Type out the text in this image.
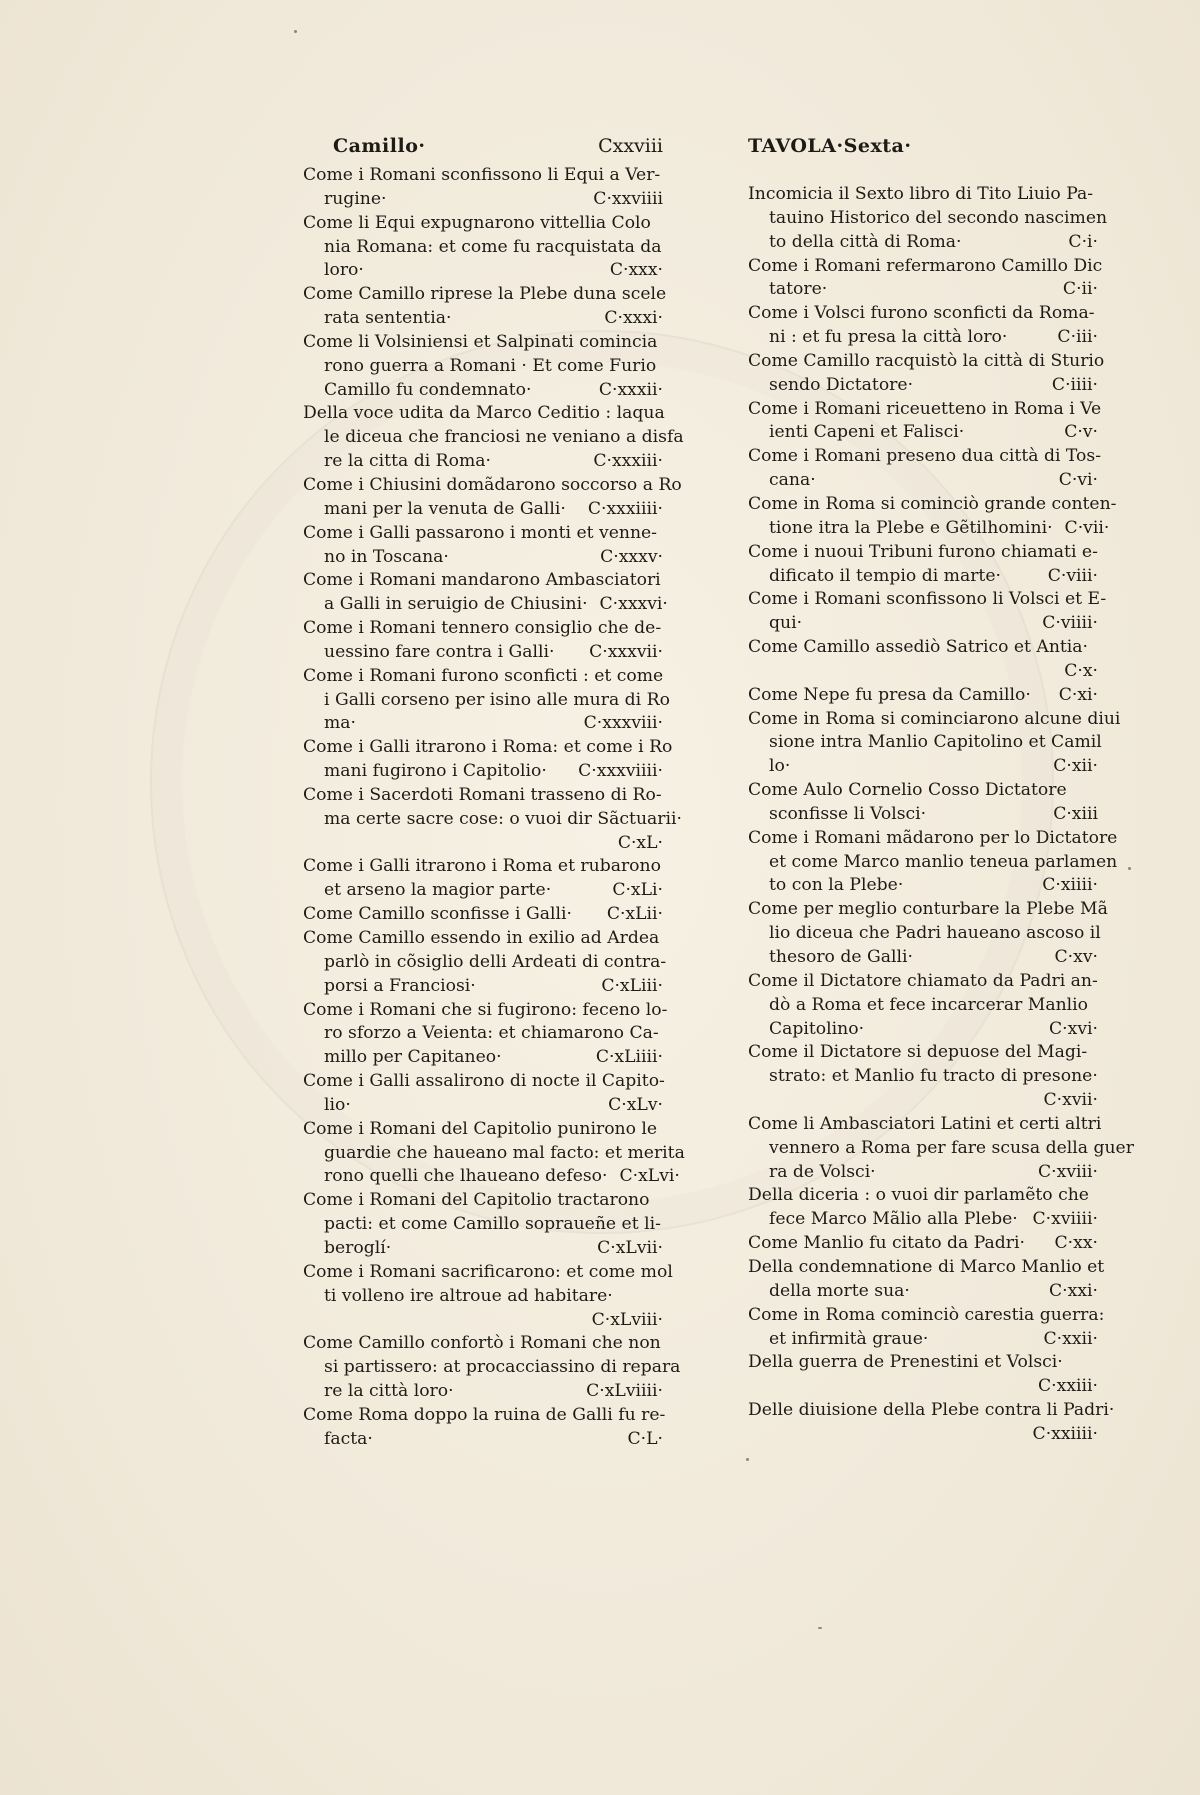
Camillo·	Cxxviii
Come i Romani sconfissono li Equi a Ver-
rugine·	C·xxviiii
Come li Equi expugnarono vittellia Colo
nia Romana: et come fu racquistata da
loro·	C·xxx·
Come Camillo riprese la Plebe duna scele
rata sententia·	C·xxxi·
Come li Volsiniensi et Salpinati comincia
rono guerra a Romani · Et come Furio
Camillo fu condemnato·	C·xxxii·
Della voce udita da Marco Ceditio : laqua
le diceua che franciosi ne veniano a disfa
re la citta di Roma·	C·xxxiii·
Come i Chiusini domãdarono soccorso a Ro
mani per la venuta de Galli· C·xxxiiii·
Come i Galli passarono i monti et venne-
no in Toscana·	C·xxxv·
Come i Romani mandarono Ambasciatori
a Galli in seruigio de Chiusini· C·xxxvi·
Come i Romani tennero consiglio che de-
uessino fare contra i Galli· C·xxxvii·
Come i Romani furono sconficti : et come
i Galli corseno per isino alle mura di Ro
ma·	C·xxxviii·
Come i Galli itrarono i Roma: et come i Ro
mani fugirono i Capitolio· C·xxxviiii·
Come i Sacerdoti Romani trasseno di Ro-
ma certe sacre cose: o vuoi dir Sãctuarii·
C·xL·
Come i Galli itrarono i Roma et rubarono
et arseno la magior parte·	C·xLi·
Come Camillo sconfisse i Galli· C·xLii·
Come Camillo essendo in exilio ad Ardea
parlò in cõsiglio delli Ardeati di contra-
porsi a Franciosi·	C·xLiii·
Come i Romani che si fugirono: feceno lo-
ro sforzo a Veienta: et chiamarono Ca-
millo per Capitaneo·	C·xLiiii·
Come i Galli assalirono di nocte il Capito-
lio·	C·xLv·
Come i Romani del Capitolio punirono le
guardie che haueano mal facto: et merita
rono quelli che lhaueano defeso· C·xLvi·
Come i Romani del Capitolio tractarono
pacti: et come Camillo sopraueñe et li-
beroglí·	C·xLvii·
Come i Romani sacrificarono: et come mol
ti volleno ire altroue ad habitare·
C·xLviii·
Come Camillo confortò i Romani che non
si partissero: at procacciassino di repara
re la città loro·	C·xLviiii·
Come Roma doppo la ruina de Galli fu re-
facta·	C·L·
TAVOLA·Sexta·
Incomicia il Sexto libro di Tito Liuio Pa-
tauino Historico del secondo nascimen
to della città di Roma·	C·i·
Come i Romani refermarono Camillo Dic
tatore·	C·ii·
Come i Volsci furono sconficti da Roma-
ni : et fu presa la città loro·	C·iii·
Come Camillo racquistò la città di Sturio
sendo Dictatore·	C·iiii·
Come i Romani riceuetteno in Roma i Ve
ienti Capeni et Falisci·	C·v·
Come i Romani preseno dua città di Tos-
cana·	C·vi·
Come in Roma si cominciò grande conten-
tione itra la Plebe e Gẽtilhomini· C·vii·
Come i nuoui Tribuni furono chiamati e-
dificato il tempio di marte·	C·viii·
Come i Romani sconfissono li Volsci et E-
qui·	C·viiii·
Come Camillo assediò Satrico et Antia·
C·x·
Come Nepe fu presa da Camillo· C·xi·
Come in Roma si cominciarono alcune diui
sione intra Manlio Capitolino et Camil
lo·	C·xii·
Come Aulo Cornelio Cosso Dictatore
sconfisse li Volsci·	C·xiii
Come i Romani mãdarono per lo Dictatore
et come Marco manlio teneua parlamen
to con la Plebe·	C·xiiii·
Come per meglio conturbare la Plebe Mã
lio diceua che Padri haueano ascoso il
thesoro de Galli·	C·xv·
Come il Dictatore chiamato da Padri an-
dò a Roma et fece incarcerar Manlio
Capitolino·	C·xvi·
Come il Dictatore si depuose del Magi-
strato: et Manlio fu tracto di presone·
C·xvii·
Come li Ambasciatori Latini et certi altri
vennero a Roma per fare scusa della guer
ra de Volsci·	C·xviii·
Della diceria : o vuoi dir parlamẽto che
fece Marco Mãlio alla Plebe· C·xviiii·
Come Manlio fu citato da Padri· C·xx·
Della condemnatione di Marco Manlio et
della morte sua·	C·xxi·
Come in Roma cominciò carestia guerra:
et infirmità graue·	C·xxii·
Della guerra de Prenestini et Volsci·
C·xxiii·
Delle diuisione della Plebe contra li Padri·
C·xxiiii·
